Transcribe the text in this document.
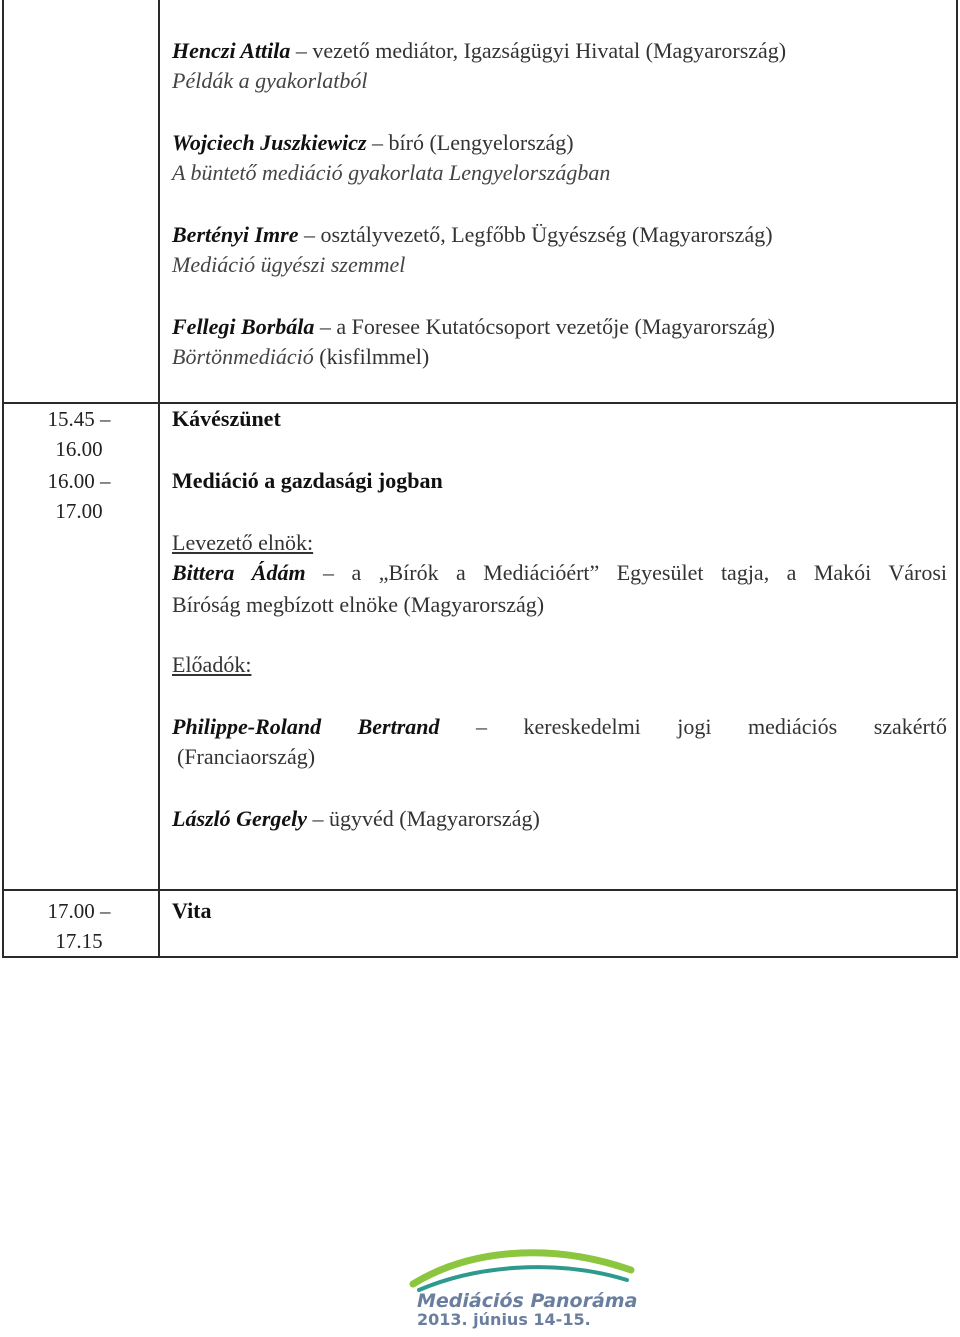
Henczi Attila – vezető mediátor, Igazságügyi Hivatal (Magyarország)
Példák a gyakorlatból
Wojciech Juszkiewicz – bíró (Lengyelország)
A büntető mediáció gyakorlata Lengyelországban
Bertényi Imre – osztályvezető, Legfőbb Ügyészség (Magyarország)
Mediáció ügyészi szemmel
Fellegi Borbála – a Foresee Kutatócsoport vezetője (Magyarország)
Börtönmediáció (kisfilmmel)
15.45 –
16.00
Kávészünet
16.00 –
17.00
Mediáció a gazdasági jogban
Levezető elnök:
Bittera Ádám – a „Bírók a Mediációért” Egyesület tagja, a Makói Városi
Bíróság megbízott elnöke (Magyarország)
Előadók:
Philippe-Roland Bertrand – kereskedelmi jogi mediációs szakértő
(Franciaország)
László Gergely – ügyvéd (Magyarország)
17.00 –
17.15
Vita
Mediációs Panoráma
2013. június 14-15.
